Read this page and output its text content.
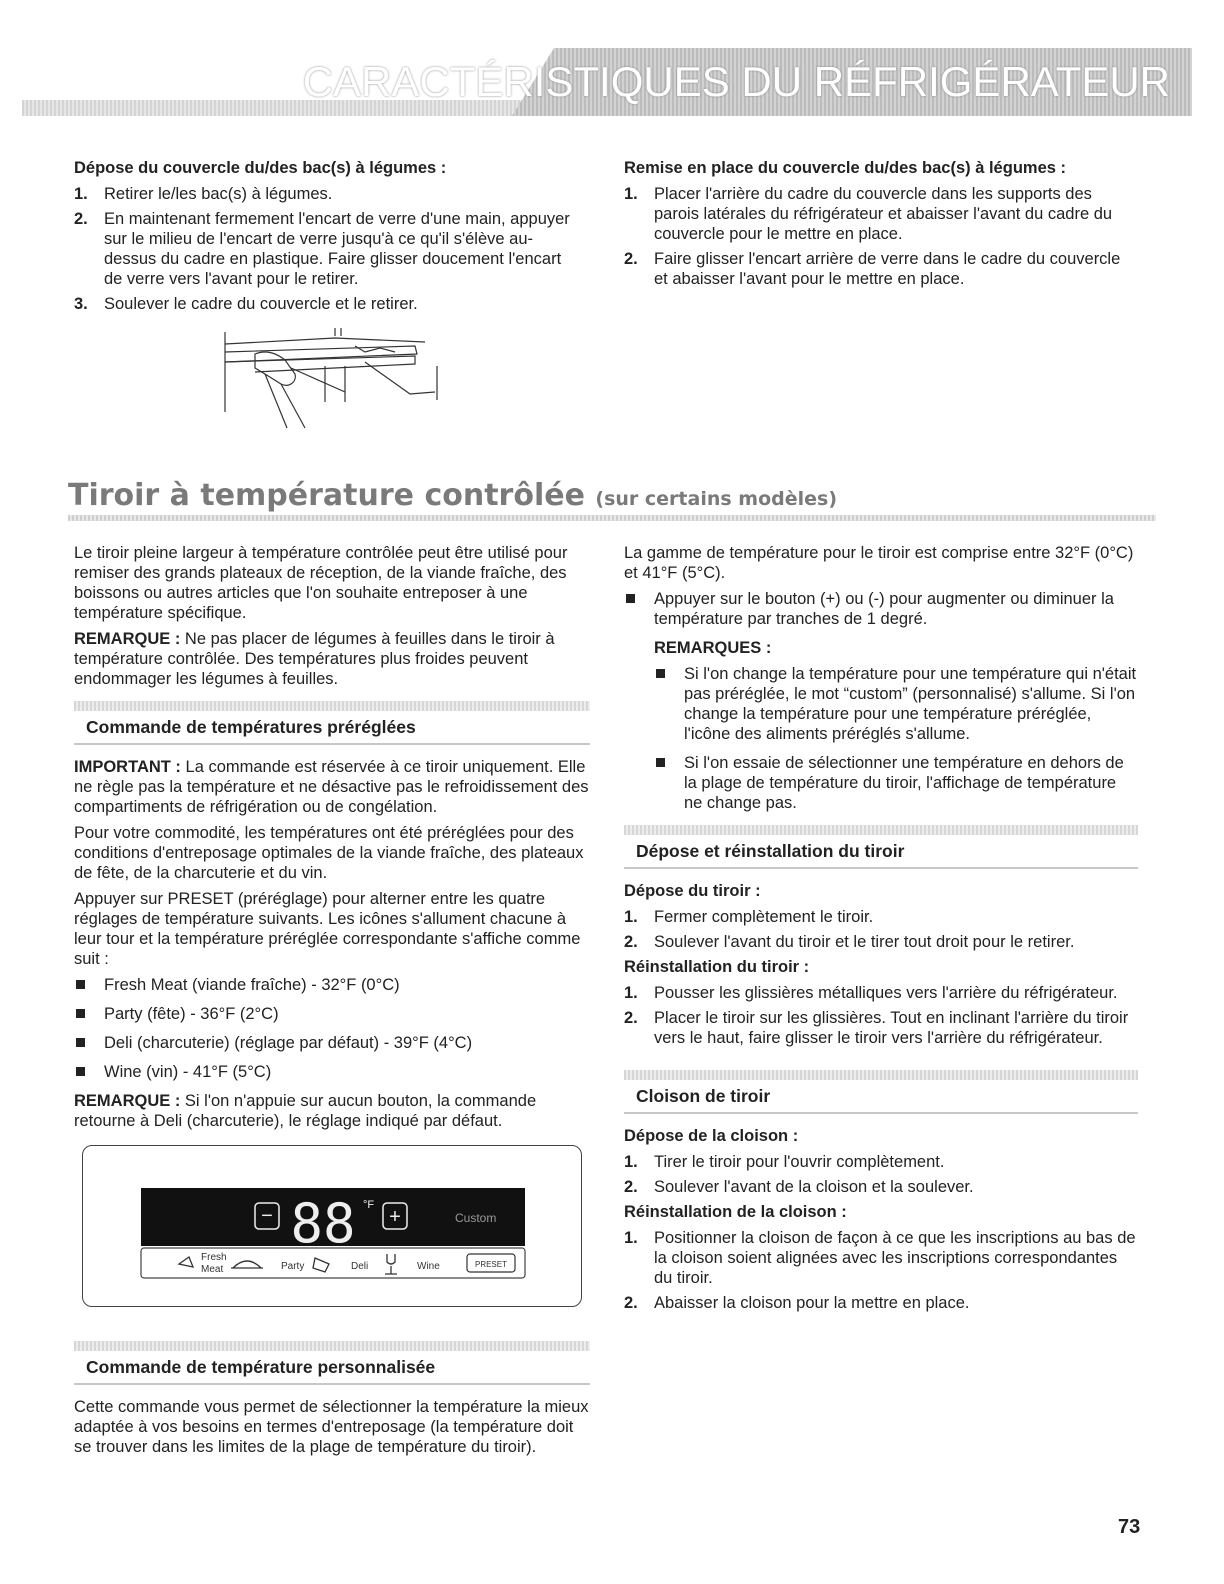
CARACTÉRISTIQUES DU RÉFRIGÉRATEUR
Dépose du couvercle du/des bac(s) à légumes :
1. Retirer le/les bac(s) à légumes.
2. En maintenant fermement l'encart de verre d'une main, appuyer sur le milieu de l'encart de verre jusqu'à ce qu'il s'élève au-dessus du cadre en plastique. Faire glisser doucement l'encart de verre vers l'avant pour le retirer.
3. Soulever le cadre du couvercle et le retirer.
Remise en place du couvercle du/des bac(s) à légumes :
1. Placer l'arrière du cadre du couvercle dans les supports des parois latérales du réfrigérateur et abaisser l'avant du cadre du couvercle pour le mettre en place.
2. Faire glisser l'encart arrière de verre dans le cadre du couvercle et abaisser l'avant pour le mettre en place.
Tiroir à température contrôlée (sur certains modèles)

Le tiroir pleine largeur à température contrôlée peut être utilisé pour remiser des grands plateaux de réception, de la viande fraîche, des boissons ou autres articles que l'on souhaite entreposer à une température spécifique.

REMARQUE : Ne pas placer de légumes à feuilles dans le tiroir à température contrôlée. Des températures plus froides peuvent endommager les légumes à feuilles.

Commande de températures préréglées

IMPORTANT : La commande est réservée à ce tiroir uniquement. Elle ne règle pas la température et ne désactive pas le refroidissement des compartiments de réfrigération ou de congélation.

Pour votre commodité, les températures ont été préréglées pour des conditions d'entreposage optimales de la viande fraîche, des plateaux de fête, de la charcuterie et du vin.

Appuyer sur PRESET (préréglage) pour alterner entre les quatre réglages de température suivants. Les icônes s'allument chacune à leur tour et la température préréglée correspondante s'affiche comme suit :

Fresh Meat (viande fraîche) - 32°F (0°C)
Party (fête) - 36°F (2°C)
Deli (charcuterie) (réglage par défaut) - 39°F (4°C)
Wine (vin) - 41°F (5°C)

REMARQUE : Si l'on n'appuie sur aucun bouton, la commande retourne à Deli (charcuterie), le réglage indiqué par défaut.

− 88 °F
+	Custom
Fresh
Meat	Party	Deli	Wine	PRESET
Commande de température personnalisée

Cette commande vous permet de sélectionner la température la mieux adaptée à vos besoins en termes d'entreposage (la température doit se trouver dans les limites de la plage de température du tiroir).

La gamme de température pour le tiroir est comprise entre 32°F (0°C) et 41°F (5°C).

Appuyer sur le bouton (+) ou (-) pour augmenter ou diminuer la température par tranches de 1 degré.
REMARQUES :
Si l'on change la température pour une température qui n'était pas préréglée, le mot “custom” (personnalisé) s'allume. Si l'on change la température pour une température préréglée, l'icône des aliments préréglés s'allume.
Si l'on essaie de sélectionner une température en dehors de la plage de température du tiroir, l'affichage de température ne change pas.
Dépose et réinstallation du tiroir
Dépose du tiroir :
1. Fermer complètement le tiroir.
2. Soulever l'avant du tiroir et le tirer tout droit pour le retirer.
Réinstallation du tiroir :
1. Pousser les glissières métalliques vers l'arrière du réfrigérateur.
2. Placer le tiroir sur les glissières. Tout en inclinant l'arrière du tiroir vers le haut, faire glisser le tiroir vers l'arrière du réfrigérateur.
Cloison de tiroir
Dépose de la cloison :
1. Tirer le tiroir pour l'ouvrir complètement.
2. Soulever l'avant de la cloison et la soulever.
Réinstallation de la cloison :
1. Positionner la cloison de façon à ce que les inscriptions au bas de la cloison soient alignées avec les inscriptions correspondantes du tiroir.
2. Abaisser la cloison pour la mettre en place.
73
